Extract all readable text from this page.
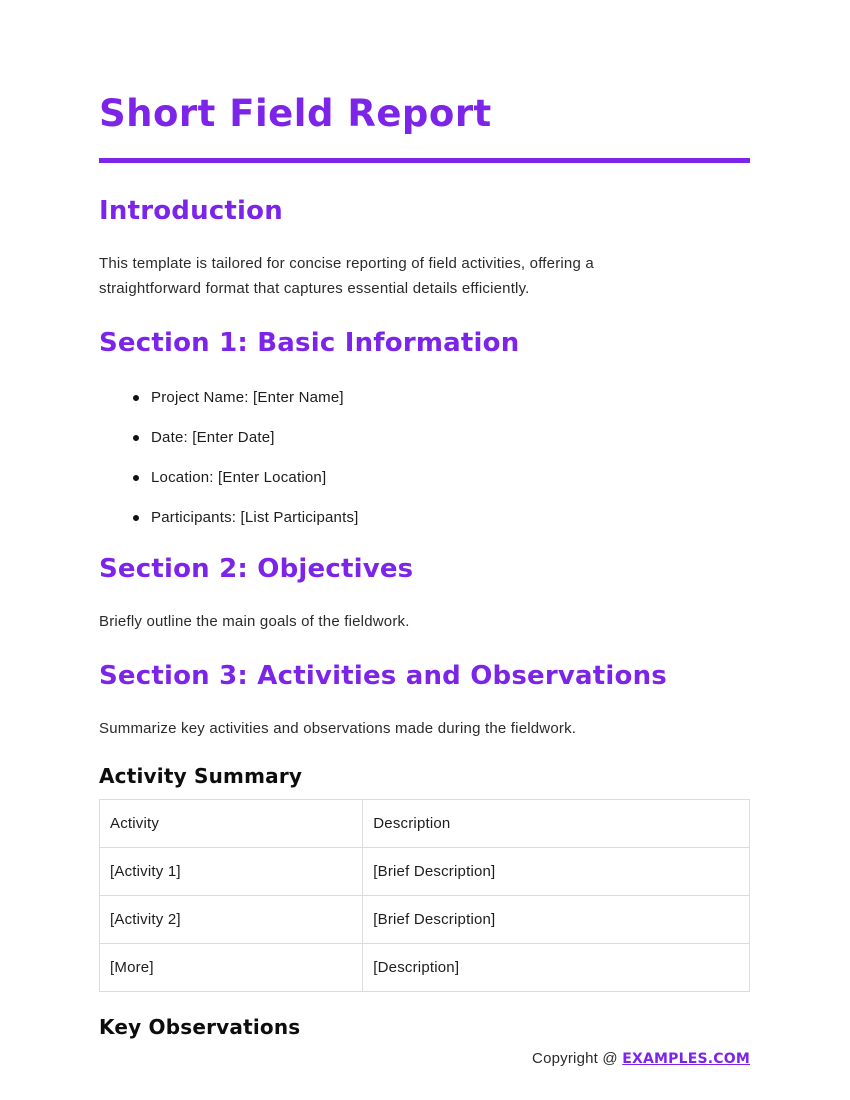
Short Field Report
Introduction

This template is tailored for concise reporting of field activities, offering a straightforward format that captures essential details efficiently.

Section 1: Basic Information
Project Name: [Enter Name]
Date: [Enter Date]
Location: [Enter Location]
Participants: [List Participants]
Section 2: Objectives

Briefly outline the main goals of the fieldwork.

Section 3: Activities and Observations

Summarize key activities and observations made during the fieldwork.

Activity Summary
Activity	Description
[Activity 1]	[Brief Description]
[Activity 2]	[Brief Description]
[More]	[Description]
Key Observations
Copyright @ EXAMPLES.COM
